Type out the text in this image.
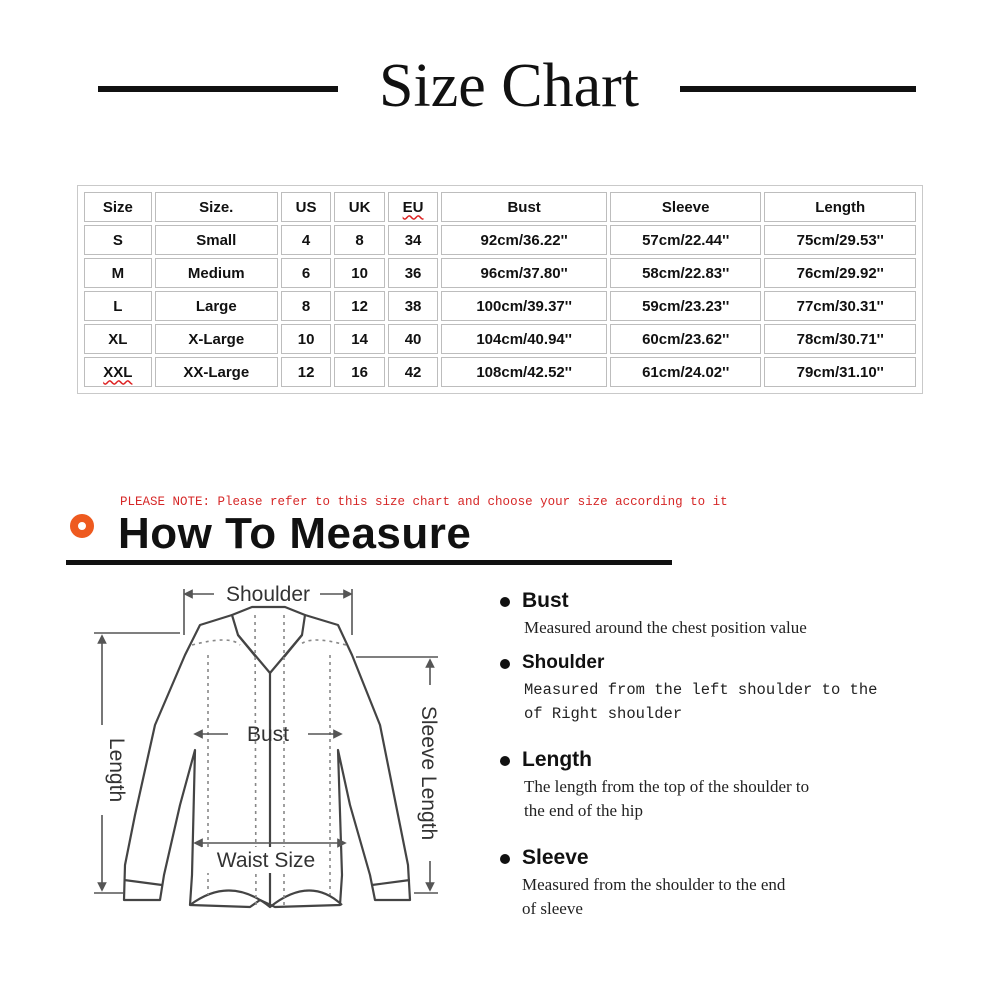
Size Chart
Size	Size.	US	UK	EU	Bust	Sleeve	Length
S	Small	4	8	34	92cm/36.22''	57cm/22.44''	75cm/29.53''
M	Medium	6	10	36	96cm/37.80''	58cm/22.83''	76cm/29.92''
L	Large	8	12	38	100cm/39.37''	59cm/23.23''	77cm/30.31''
XL	X-Large	10	14	40	104cm/40.94''	60cm/23.62''	78cm/30.71''
XXL	XX-Large	12	16	42	108cm/42.52''	61cm/24.02''	79cm/31.10''
PLEASE NOTE: Please refer to this size chart and choose your size according to it
How To Measure
Shoulder
Bust
Waist Size
Length	Sleeve Length
Bust
Measured around the chest position value
Shoulder
Measured from the left shoulder to the
of Right shoulder
Length
The length from the top of the shoulder to
the end of the hip
Sleeve
Measured from the shoulder to the end
of sleeve
